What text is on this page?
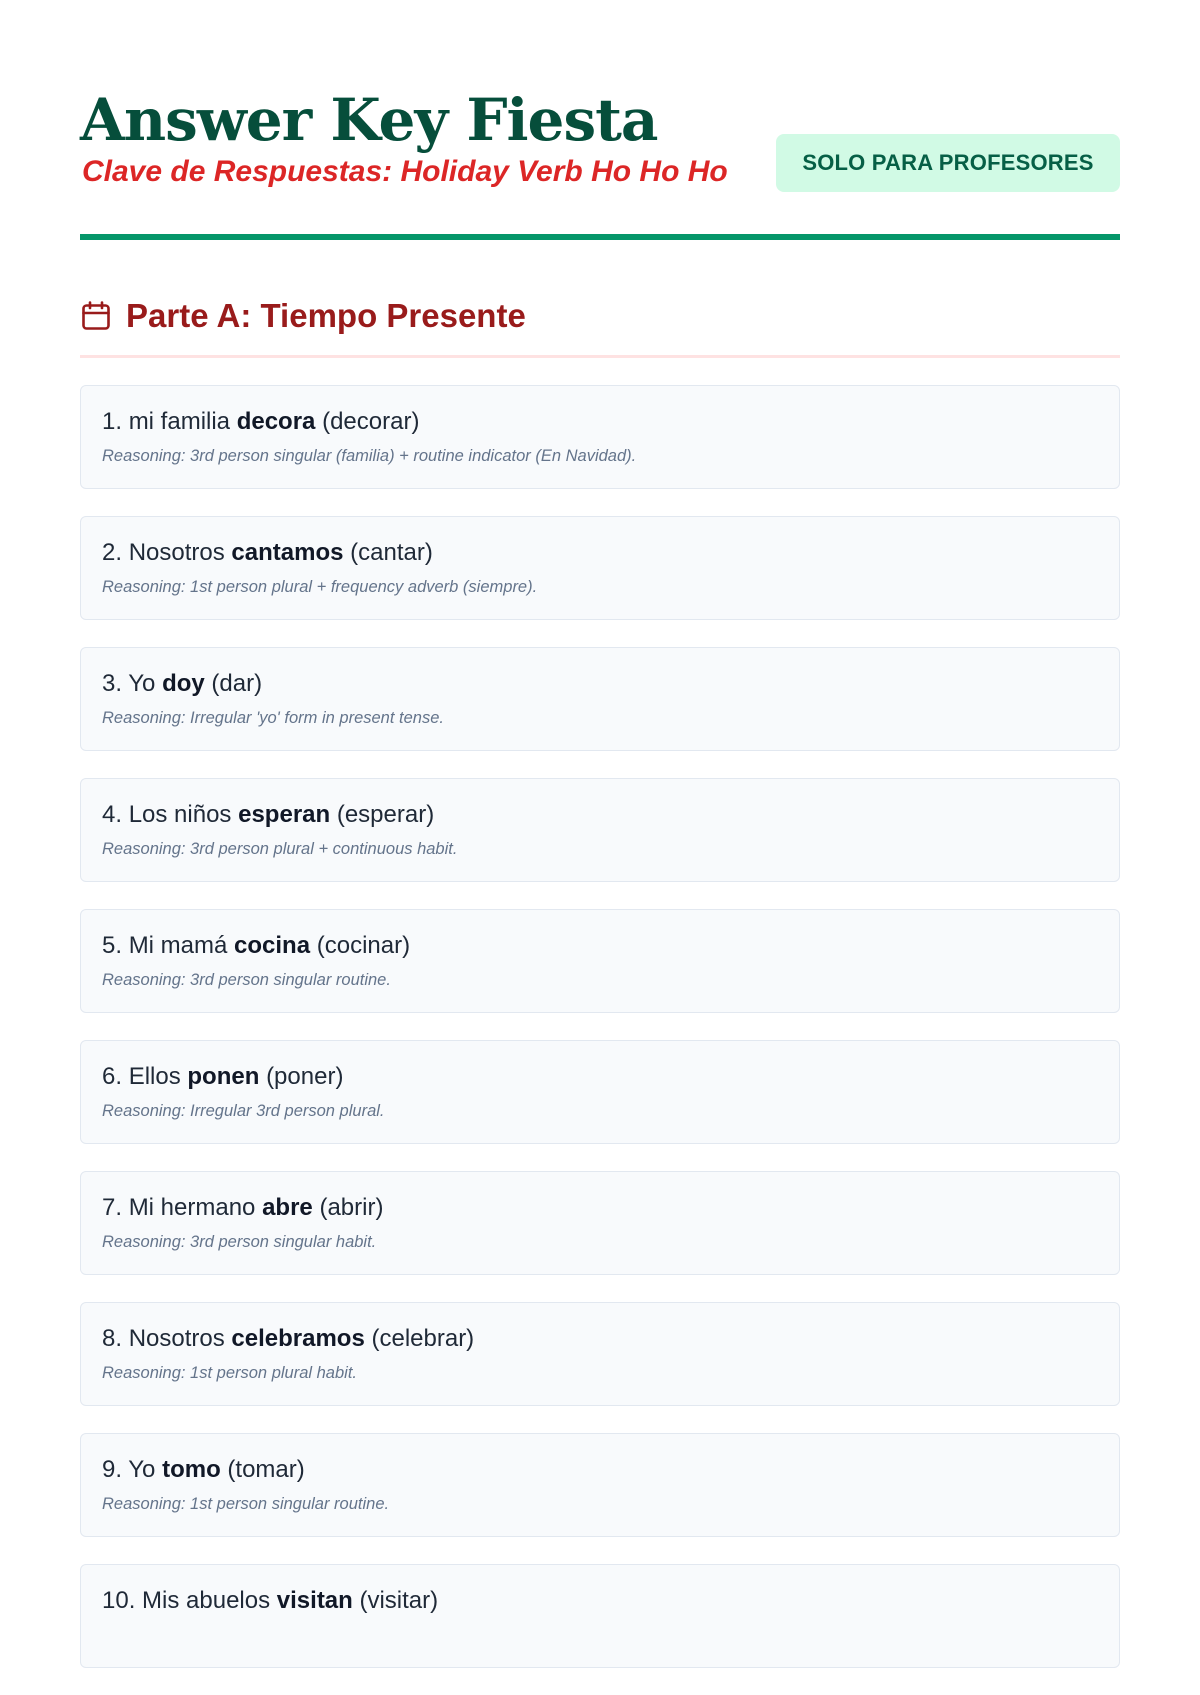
Answer Key Fiesta
Clave de Respuestas: Holiday Verb Ho Ho Ho	SOLO PARA PROFESORES
Parte A: Tiempo Presente
1. mi familia decora (decorar)
Reasoning: 3rd person singular (familia) + routine indicator (En Navidad).
2. Nosotros cantamos (cantar)
Reasoning: 1st person plural + frequency adverb (siempre).
3. Yo doy (dar)
Reasoning: Irregular 'yo' form in present tense.
4. Los niños esperan (esperar)
Reasoning: 3rd person plural + continuous habit.
5. Mi mamá cocina (cocinar)
Reasoning: 3rd person singular routine.
6. Ellos ponen (poner)
Reasoning: Irregular 3rd person plural.
7. Mi hermano abre (abrir)
Reasoning: 3rd person singular habit.
8. Nosotros celebramos (celebrar)
Reasoning: 1st person plural habit.
9. Yo tomo (tomar)
Reasoning: 1st person singular routine.
10. Mis abuelos visitan (visitar)
